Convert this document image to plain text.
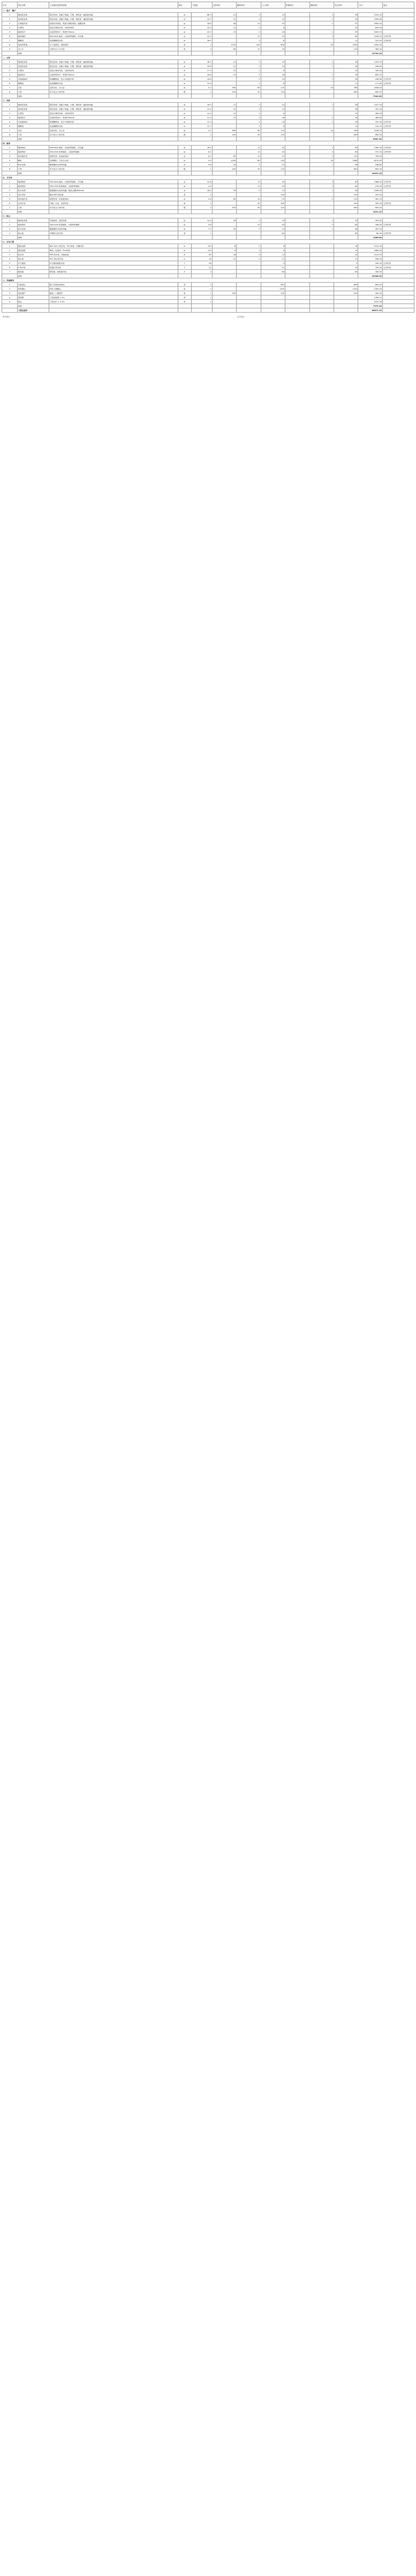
序号	项目名称	工艺做法及材料说明	单位	工程量	主材单价	辅材单价	人工单价	机械单价	损耗单价	综合单价	合计	备注
一、客厅、餐厅												
1	墙面乳胶漆	基层处理，刮腻子两遍，打磨，刷底漆一遍面漆两遍	㎡	86.5	12	3	10		1	26	2249.00	
2	顶面乳胶漆	基层处理，刮腻子两遍，打磨，刷底漆一遍面漆两遍	㎡	42.3	12	3	10		1	26	1099.80	
3	石膏板吊顶	轻钢龙骨骨架，纸面石膏板饰面，接缝处理	㎡	18.6	48	12	35		2	97	1804.20	
4	石膏线	成品石膏线安装，含粘结材料	m	32.0	12	2	6			20	640.00	
5	地面找平	水泥砂浆找平，厚度约30mm	㎡	42.3	15	5	18		1	39	1649.70	
6	地砖铺贴	800×800 地砖，水泥砂浆铺贴，含勾缝	㎡	42.3		12	45		3	60	2538.00	主材甲供
7	踢脚线	成品踢脚线安装	m	28.5		3	8			11	313.50	主材甲供
8	电视背景墙	木工板基层，饰面造型	项	1	1200	200	600		50	2050	2050.00	
9	过门石	大理石过门石安装	块	3	80	10	30			120	360.00	
	小计										12704.20	
二、主卧												
1	墙面乳胶漆	基层处理，刮腻子两遍，打磨，刷底漆一遍面漆两遍	㎡	48.2	12	3	10		1	26	1253.20	
2	顶面乳胶漆	基层处理，刮腻子两遍，打磨，刷底漆一遍面漆两遍	㎡	16.8	12	3	10		1	26	436.80	
3	石膏线	成品石膏线安装，含粘结材料	m	17.0	12	2	6			20	340.00	
4	地面找平	水泥砂浆找平，厚度约30mm	㎡	16.8	15	5	18		1	39	655.20	
5	木地板铺设	防潮膜铺设，复合木地板安装	㎡	16.8		5	20		1	26	436.80	主材甲供
6	踢脚线	成品踢脚线安装	m	15.6		3	8			11	171.60	主材甲供
7	衣柜	定制衣柜，含五金	㎡	5.2	580	60	120		20	780	4056.00	
8	门套	实木复合门套安装	樘	1	450	30	120			600	600.00	
	小计										7949.60	
三、次卧												
1	墙面乳胶漆	基层处理，刮腻子两遍，打磨，刷底漆一遍面漆两遍	㎡	39.5	12	3	10		1	26	1027.00	
2	顶面乳胶漆	基层处理，刮腻子两遍，打磨，刷底漆一遍面漆两遍	㎡	12.4	12	3	10		1	26	322.40	
3	石膏线	成品石膏线安装，含粘结材料	m	14.2	12	2	6			20	284.00	
4	地面找平	水泥砂浆找平，厚度约30mm	㎡	12.4	15	5	18		1	39	483.60	
5	木地板铺设	防潮膜铺设，复合木地板安装	㎡	12.4		5	20		1	26	322.40	主材甲供
6	踢脚线	成品踢脚线安装	m	13.1		3	8			11	144.10	主材甲供
7	衣柜	定制衣柜，含五金	㎡	4.1	580	60	120		20	780	3198.00	
8	门套	实木复合门套安装	樘	1	450	30	120			600	600.00	
	小计										6381.50	
四、厨房												
1	墙面瓷砖	300×600 墙砖，水泥砂浆铺贴，含勾缝	㎡	26.4		12	45		3	60	1584.00	主材甲供
2	地面瓷砖	300×300 防滑地砖，水泥砂浆铺贴	㎡	6.2		12	45		3	60	372.00	主材甲供
3	铝扣板吊顶	轻钢龙骨，铝扣板饰面	㎡	6.2	85	10	25		2	122	756.40	
4	橱柜	定制橱柜，石英石台面	m	4.5	1200	80	150		30	1460	6570.00	
5	防水处理	聚氨酯防水涂料两遍	㎡	9.8	35	5	15		1	56	548.80	
6	门套	实木复合门套安装	樘	1	450	30	120			600	600.00	
	小计										10431.20	
五、卫生间												
1	墙面瓷砖	300×600 墙砖，水泥砂浆铺贴，含勾缝	㎡	22.8		12	45		3	60	1368.00	主材甲供
2	地面瓷砖	300×300 防滑地砖，水泥砂浆铺贴	㎡	4.6		12	45		3	60	276.00	主材甲供
3	防水处理	聚氨酯防水涂料两遍，墙面上翻1800mm	㎡	18.5	35	5	15		1	56	1036.00	
4	闭水试验	蓄水48小时检测	项	1			100			100	100.00	
5	铝扣板吊顶	轻钢龙骨，铝扣板饰面	㎡	4.6	85	10	25		2	122	561.20	
6	洁具安装	马桶、台盆、花洒安装	套	1		50	300			350	350.00	主材甲供
7	门套	实木复合门套安装	樘	1	450	30	120			600	600.00	
	小计										4291.20	
六、阳台												
1	墙面乳胶漆	外墙涂料，基层处理	㎡	14.2	18	3	10		1	32	454.40	
2	地面瓷砖	300×300 防滑地砖，水泥砂浆铺贴	㎡	5.8		12	45		3	60	348.00	主材甲供
3	防水处理	聚氨酯防水涂料两遍	㎡	7.2	35	5	15		1	56	403.20	
4	晾衣架	升降晾衣架安装	套	1			80			80	80.00	主材甲供
	小计										1285.60	
七、水电工程												
1	强电线路	BV2.5/4.0 铜芯线，PVC线管，开槽布管	m	320	8	2	6			16	5120.00	
2	弱电线路	网线、电视线，PVC线管	m	120	6	2	6			14	1680.00	
3	给水管	PPR 给水管，热熔连接	m	65	18	4	12			34	2210.00	
4	排水管	PVC 排水管安装	m	18	15	4	12			31	558.00	
5	开关插座	开关插座面板安装	个	58			5			5	290.00	主材甲供
6	灯具安装	普通灯具安装	个	22			15			15	330.00	主材甲供
7	配电箱	强电箱、弱电箱安装	个	2			80			80	160.00	
	小计										10348.00	
八、其他费用												
1	垃圾清运	施工垃圾装袋清运	项	1			800			800	800.00	
2	材料搬运	材料上楼搬运	项	1			1200			1200	1200.00	
3	成品保护	地面、门窗保护	项	1	300		200			500	500.00	
4	管理费	工程直接费 × 5%	项	1							2769.57	
5	税金	工程总价 × 3.4%	项	1							2010.38	
	小计										7279.95	
	工程总造价										60671.25	
甲方签字：						乙方签字：						
